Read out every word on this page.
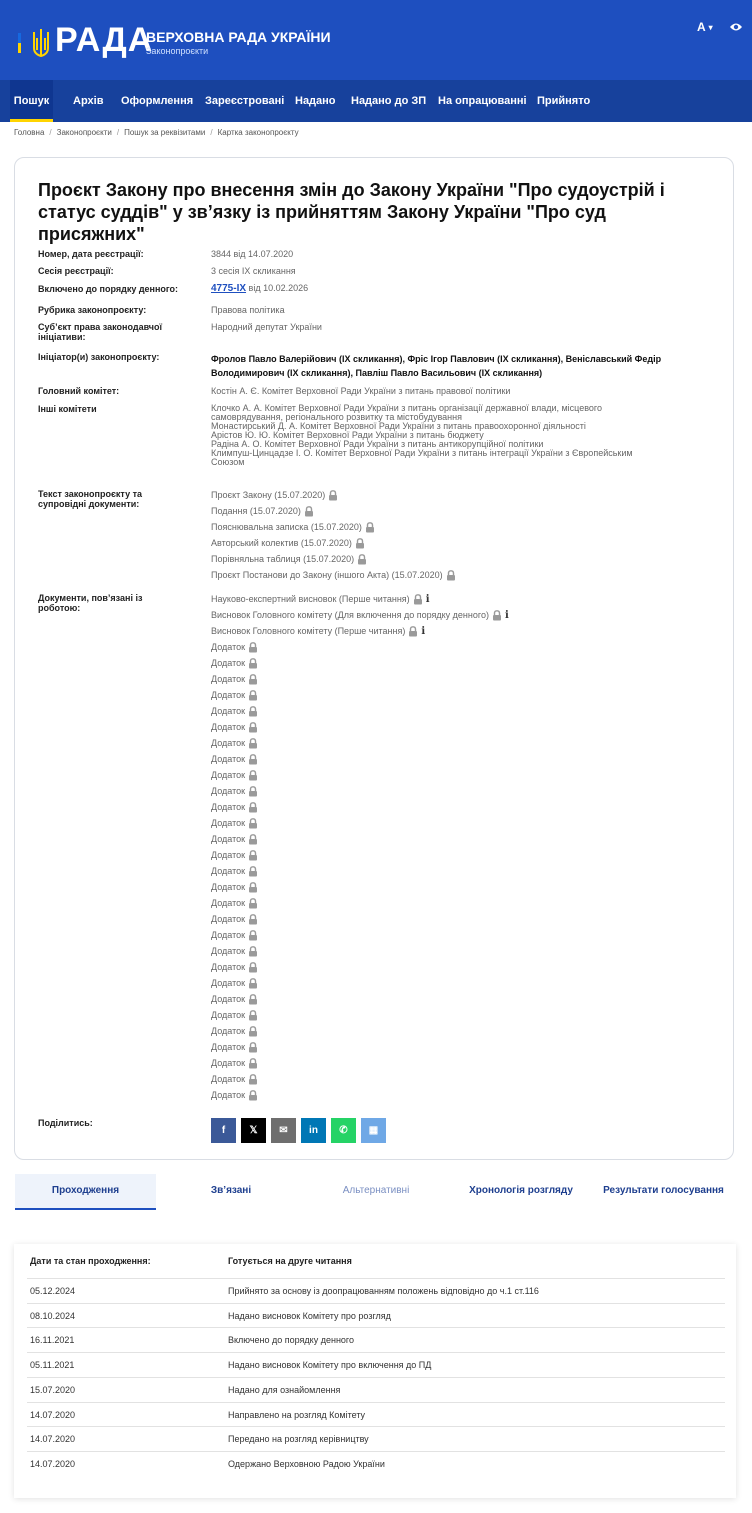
РАДА
ВЕРХОВНА РАДА УКРАЇНИ
Законопроєкти
A ▾
Пошук	Архів Оформлення Зареєстровані Надано Надано до ЗП На опрацюванні Прийнято
Головна / Законопроєкти / Пошук за реквізитами / Картка законопроєкту
Проєкт Закону про внесення змін до Закону України "Про судоустрій і статус суддів" у зв’язку із прийняттям Закону України "Про суд присяжних"
Номер, дата реєстрації:	3844 від 14.07.2020
Сесія реєстрації:	3 сесія IX скликання
Включено до порядку денного:	4775-IX від 10.02.2026
Рубрика законопроєкту:	Правова політика
Суб’єкт права законодавчої ініціативи:
Народний депутат України
Ініціатор(и) законопроєкту:	Фролов Павло Валерійович (IX скликання), Фріс Ігор Павлович (IX скликання), Веніславський Федір Володимирович (IX скликання), Павліш Павло Васильович (IX скликання)
Головний комітет:	Костін А. Є. Комітет Верховної Ради України з питань правової політики
Інші комітети	Клочко А. А. Комітет Верховної Ради України з питань організації державної влади, місцевого
самоврядування, регіонального розвитку та містобудування
Монастирський Д. А. Комітет Верховної Ради України з питань правоохоронної діяльності
Арістов Ю. Ю. Комітет Верховної Ради України з питань бюджету
Радіна А. О. Комітет Верховної Ради України з питань антикорупційної політики
Климпуш-Цинцадзе І. О. Комітет Верховної Ради України з питань інтеграції України з Європейським
Союзом
Текст законопроєкту та супровідні документи:
Проєкт Закону (15.07.2020)
Подання (15.07.2020)
Пояснювальна записка (15.07.2020)
Авторський колектив (15.07.2020)
Порівняльна таблиця (15.07.2020)
Проєкт Постанови до Закону (іншого Акта) (15.07.2020)
Документи, пов’язані із роботою:
Науково-експертний висновок (Перше читання) i
Висновок Головного комітету (Для включення до порядку денного) i
Висновок Головного комітету (Перше читання) i
Додаток
Додаток
Додаток
Додаток
Додаток
Додаток
Додаток
Додаток
Додаток
Додаток
Додаток
Додаток
Додаток
Додаток
Додаток
Додаток
Додаток
Додаток
Додаток
Додаток
Додаток
Додаток
Додаток
Додаток
Додаток
Додаток
Додаток
Додаток
Додаток
Поділитись:
f	𝕏	✉	in	✆	▦
Проходження	Зв’язані	Альтернативні	Хронологія розгляду	Результати голосування
Дати та стан проходження:	Готується на друге читання
05.12.2024	Прийнято за основу із доопрацюванням положень відповідно до ч.1 ст.116
08.10.2024	Надано висновок Комітету про розгляд
16.11.2021	Включено до порядку денного
05.11.2021	Надано висновок Комітету про включення до ПД
15.07.2020	Надано для ознайомлення
14.07.2020	Направлено на розгляд Комітету
14.07.2020	Передано на розгляд керівництву
14.07.2020	Одержано Верховною Радою України
